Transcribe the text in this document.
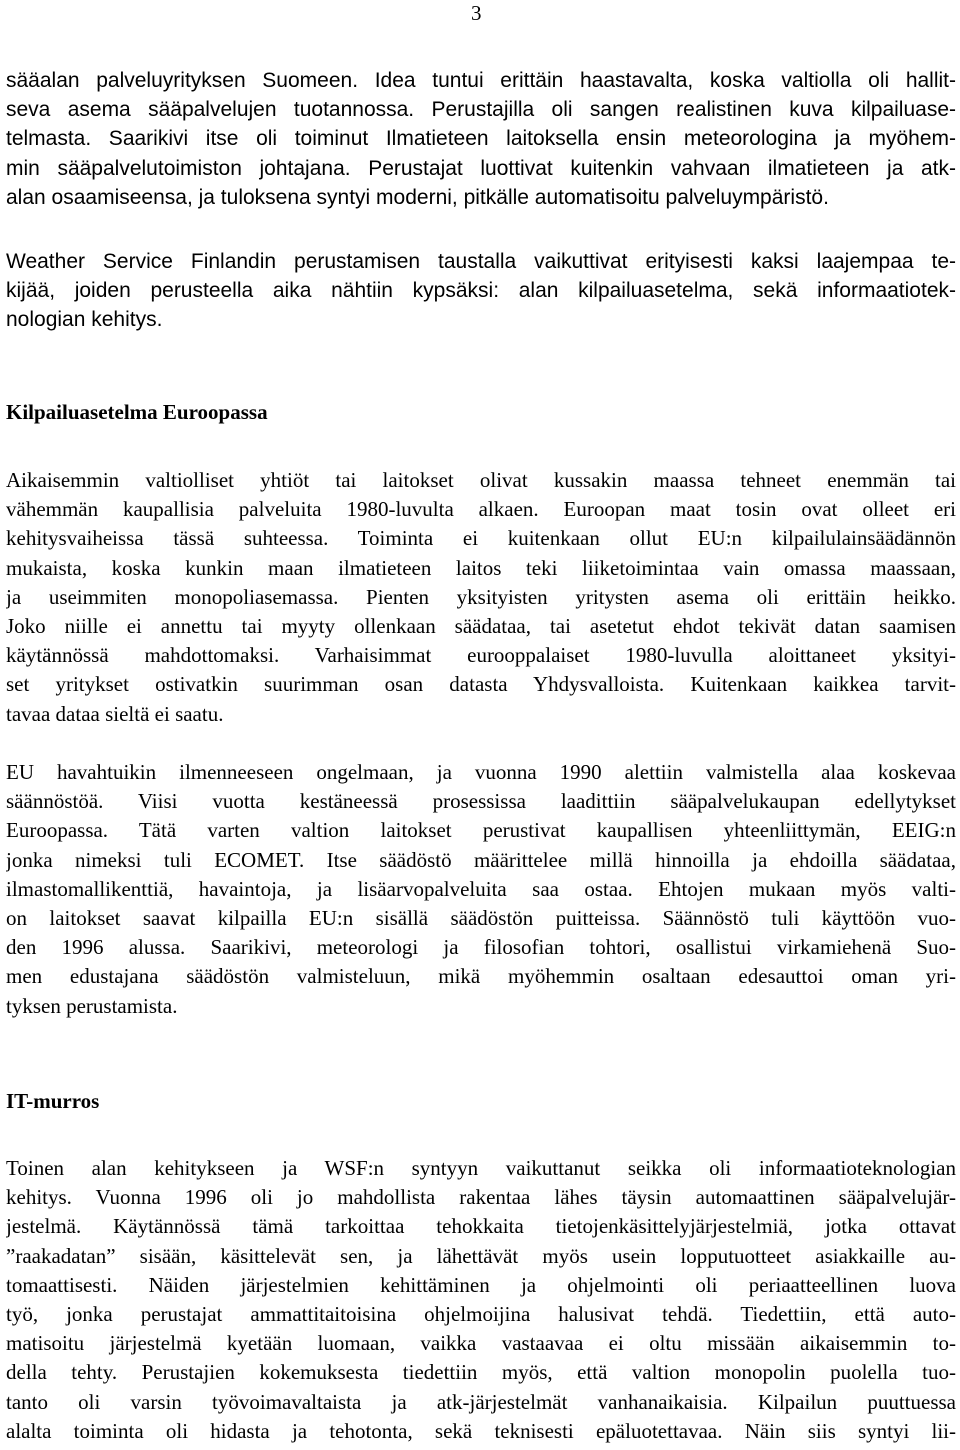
3
sääalan palveluyrityksen Suomeen. Idea tuntui erittäin haastavalta, koska valtiolla oli hallit-
seva asema sääpalvelujen tuotannossa. Perustajilla oli sangen realistinen kuva kilpailuase-
telmasta. Saarikivi itse oli toiminut Ilmatieteen laitoksella ensin meteorologina ja myöhem-
min sääpalvelutoimiston johtajana. Perustajat luottivat kuitenkin vahvaan ilmatieteen ja atk-
alan osaamiseensa, ja tuloksena syntyi moderni, pitkälle automatisoitu palveluympäristö.
Weather Service Finlandin perustamisen taustalla vaikuttivat erityisesti kaksi laajempaa te-
kijää, joiden perusteella aika nähtiin kypsäksi: alan kilpailuasetelma, sekä informaatiotek-
nologian kehitys.
Kilpailuasetelma Euroopassa
Aikaisemmin valtiolliset yhtiöt tai laitokset olivat kussakin maassa tehneet enemmän tai
vähemmän kaupallisia palveluita 1980-luvulta alkaen. Euroopan maat tosin ovat olleet eri
kehitysvaiheissa tässä suhteessa. Toiminta ei kuitenkaan ollut EU:n kilpailulainsäädännön
mukaista, koska kunkin maan ilmatieteen laitos teki liiketoimintaa vain omassa maassaan,
ja useimmiten monopoliasemassa. Pienten yksityisten yritysten asema oli erittäin heikko.
Joko niille ei annettu tai myyty ollenkaan säädataa, tai asetetut ehdot tekivät datan saamisen
käytännössä mahdottomaksi. Varhaisimmat eurooppalaiset 1980-luvulla aloittaneet yksityi-
set yritykset ostivatkin suurimman osan datasta Yhdysvalloista. Kuitenkaan kaikkea tarvit-
tavaa dataa sieltä ei saatu.
EU havahtuikin ilmenneeseen ongelmaan, ja vuonna 1990 alettiin valmistella alaa koskevaa
säännöstöä. Viisi vuotta kestäneessä prosessissa laadittiin sääpalvelukaupan edellytykset
Euroopassa. Tätä varten valtion laitokset perustivat kaupallisen yhteenliittymän, EEIG:n
jonka nimeksi tuli ECOMET. Itse säädöstö määrittelee millä hinnoilla ja ehdoilla säädataa,
ilmastomallikenttiä, havaintoja, ja lisäarvopalveluita saa ostaa. Ehtojen mukaan myös valti-
on laitokset saavat kilpailla EU:n sisällä säädöstön puitteissa. Säännöstö tuli käyttöön vuo-
den 1996 alussa. Saarikivi, meteorologi ja filosofian tohtori, osallistui virkamiehenä Suo-
men edustajana säädöstön valmisteluun, mikä myöhemmin osaltaan edesauttoi oman yri-
tyksen perustamista.
IT-murros
Toinen alan kehitykseen ja WSF:n syntyyn vaikuttanut seikka oli informaatioteknologian
kehitys. Vuonna 1996 oli jo mahdollista rakentaa lähes täysin automaattinen sääpalvelujär-
jestelmä. Käytännössä tämä tarkoittaa tehokkaita tietojenkäsittelyjärjestelmiä, jotka ottavat
”raakadatan” sisään, käsittelevät sen, ja lähettävät myös usein lopputuotteet asiakkaille au-
tomaattisesti. Näiden järjestelmien kehittäminen ja ohjelmointi oli periaatteellinen luova
työ, jonka perustajat ammattitaitoisina ohjelmoijina halusivat tehdä. Tiedettiin, että auto-
matisoitu järjestelmä kyetään luomaan, vaikka vastaavaa ei oltu missään aikaisemmin to-
della tehty. Perustajien kokemuksesta tiedettiin myös, että valtion monopolin puolella tuo-
tanto oli varsin työvoimavaltaista ja atk-järjestelmät vanhanaikaisia. Kilpailun puuttuessa
alalta toiminta oli hidasta ja tehotonta, sekä teknisesti epäluotettavaa. Näin siis syntyi lii-
